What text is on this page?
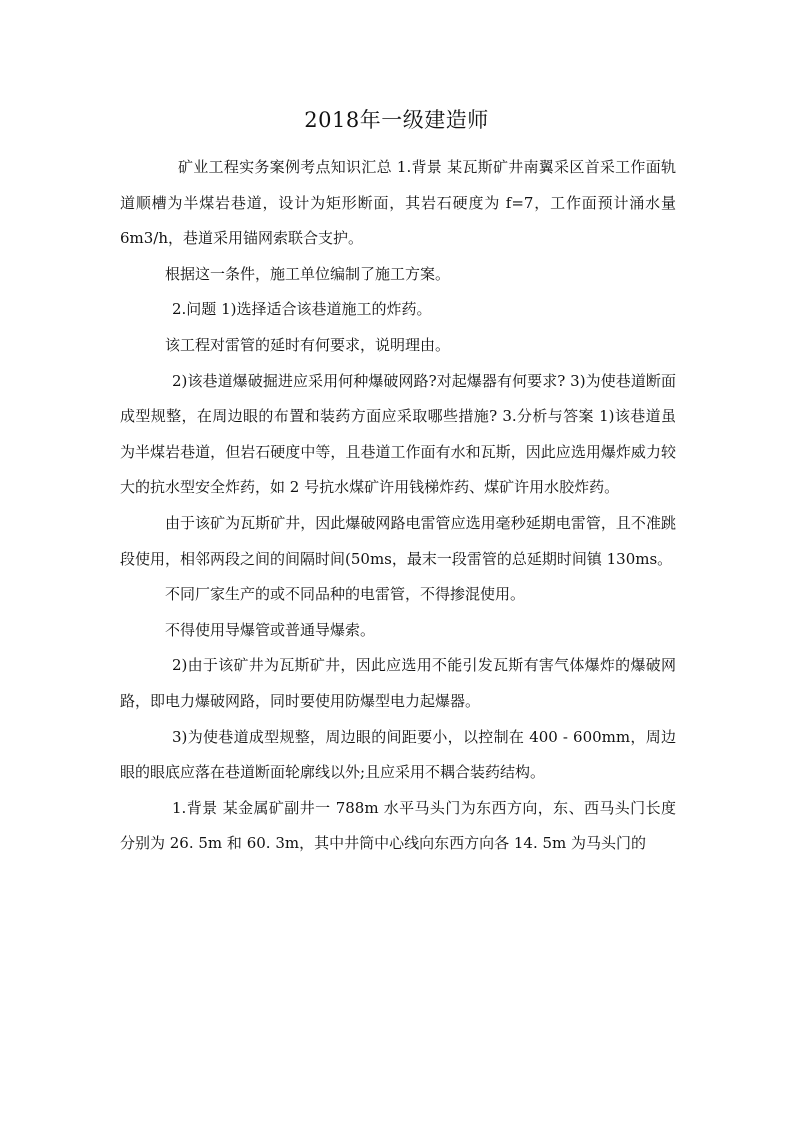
2018年一级建造师

矿业工程实务案例考点知识汇总 1.背景 某瓦斯矿井南翼采区首采工作面轨道顺槽为半煤岩巷道，设计为矩形断面，其岩石硬度为 f=7，工作面预计涌水量 6m3/h，巷道采用锚网索联合支护。

根据这一条件，施工单位编制了施工方案。

2.问题 1)选择适合该巷道施工的炸药。

该工程对雷管的延时有何要求，说明理由。

2)该巷道爆破掘进应采用何种爆破网路?对起爆器有何要求? 3)为使巷道断面成型规整，在周边眼的布置和装药方面应采取哪些措施? 3.分析与答案 1)该巷道虽为半煤岩巷道，但岩石硬度中等，且巷道工作面有水和瓦斯，因此应选用爆炸威力较大的抗水型安全炸药，如 2 号抗水煤矿许用钱梯炸药、煤矿许用水胶炸药。

由于该矿为瓦斯矿井，因此爆破网路电雷管应选用毫秒延期电雷管，且不准跳段使用，相邻两段之间的间隔时间(50ms，最末一段雷管的总延期时间镇 130ms。

不同厂家生产的或不同品种的电雷管，不得掺混使用。

不得使用导爆管或普通导爆索。

2)由于该矿井为瓦斯矿井，因此应选用不能引发瓦斯有害气体爆炸的爆破网路，即电力爆破网路，同时要使用防爆型电力起爆器。

3)为使巷道成型规整，周边眼的间距要小，以控制在 400 - 600mm，周边眼的眼底应落在巷道断面轮廓线以外;且应采用不耦合装药结构。

1.背景 某金属矿副井一 788m 水平马头门为东西方向，东、西马头门长度分别为 26. 5m 和 60. 3m，其中井筒中心线向东西方向各 14. 5m 为马头门的
